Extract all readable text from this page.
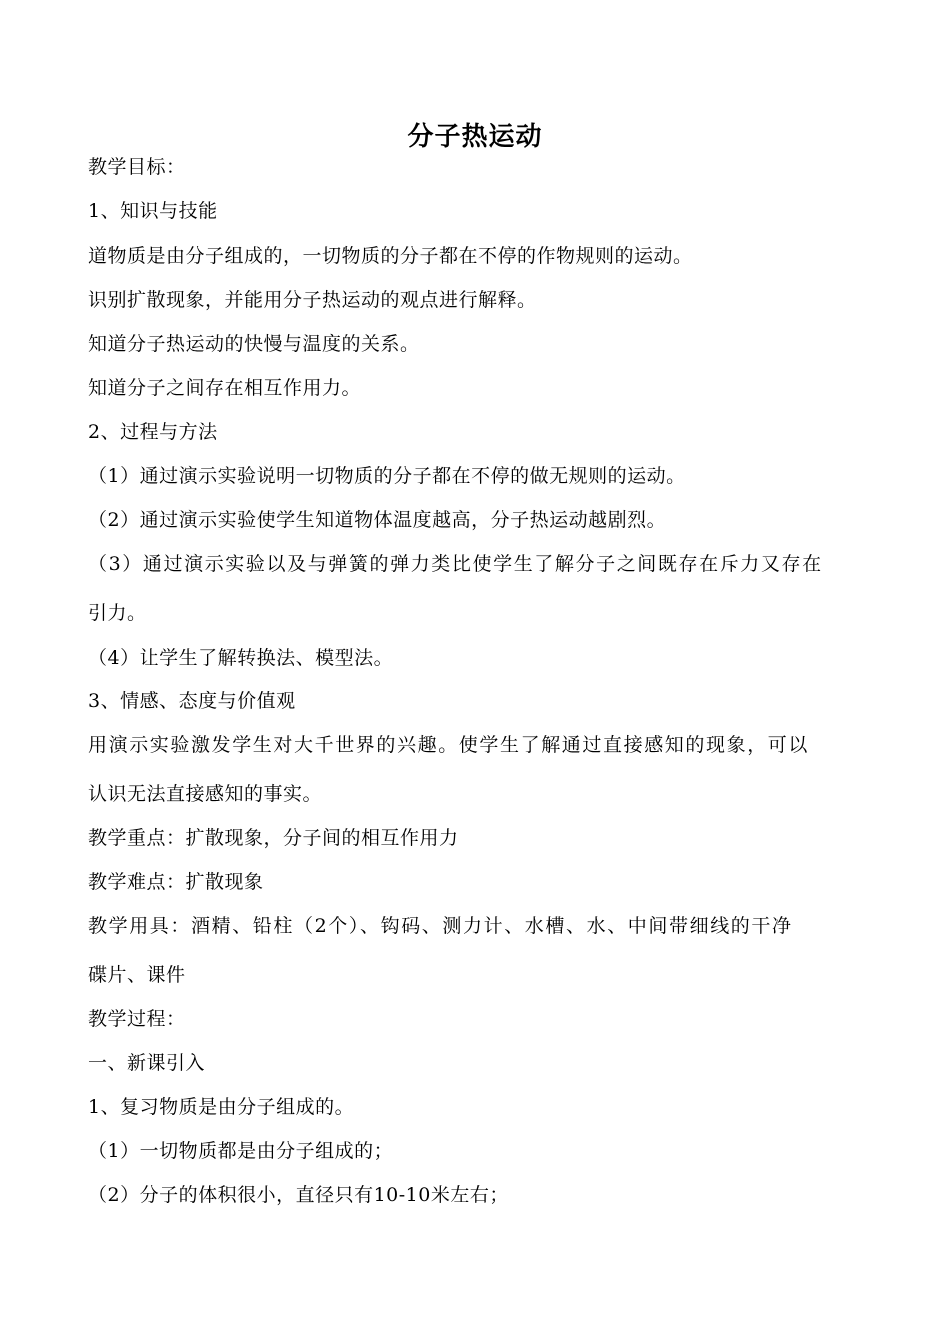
分子热运动
教学目标：
1、知识与技能
道物质是由分子组成的，一切物质的分子都在不停的作物规则的运动。
识别扩散现象，并能用分子热运动的观点进行解释。
知道分子热运动的快慢与温度的关系。
知道分子之间存在相互作用力。
2、过程与方法
（1）通过演示实验说明一切物质的分子都在不停的做无规则的运动。
（2）通过演示实验使学生知道物体温度越高，分子热运动越剧烈。
（3）通过演示实验以及与弹簧的弹力类比使学生了解分子之间既存在斥力又存在
引力。
（4）让学生了解转换法、模型法。
3、情感、态度与价值观
用演示实验激发学生对大千世界的兴趣。使学生了解通过直接感知的现象，可以
认识无法直接感知的事实。
教学重点：扩散现象，分子间的相互作用力
教学难点：扩散现象
教学用具：酒精、铅柱（2个）、钩码、测力计、水槽、水、中间带细线的干净
碟片、课件
教学过程：
一、新课引入
1、复习物质是由分子组成的。
（1）一切物质都是由分子组成的；
（2）分子的体积很小，直径只有10-10米左右；
